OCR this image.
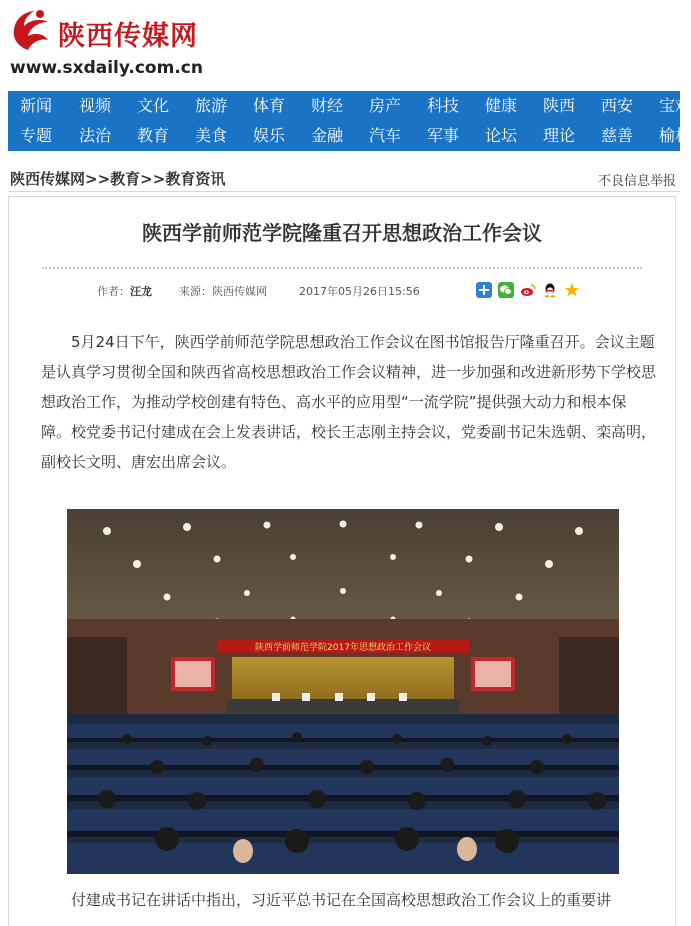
陕西传媒网
www.sxdaily.com.cn
新闻 视频 文化 旅游 体育 财经 房产 科技 健康 陕西 西安 宝鸡
专题 法治 教育 美食 娱乐 金融 汽车 军事 论坛 理论 慈善 榆林
陕西传媒网>>教育>>教育资讯	不良信息举报
陕西学前师范学院隆重召开思想政治工作会议
作者：汪龙 来源：陕西传媒网	2017年05月26日15:56

5月24日下午，陕西学前师范学院思想政治工作会议在图书馆报告厅隆重召开。会议主题是认真学习贯彻全国和陕西省高校思想政治工作会议精神，进一步加强和改进新形势下学校思想政治工作，为推动学校创建有特色、高水平的应用型“一流学院”提供强大动力和根本保障。校党委书记付建成在会上发表讲话，校长王志刚主持会议，党委副书记朱选朝、栾高明，副校长文明、唐宏出席会议。

陕西学前师范学院2017年思想政治工作会议

付建成书记在讲话中指出，习近平总书记在全国高校思想政治工作会议上的重要讲
